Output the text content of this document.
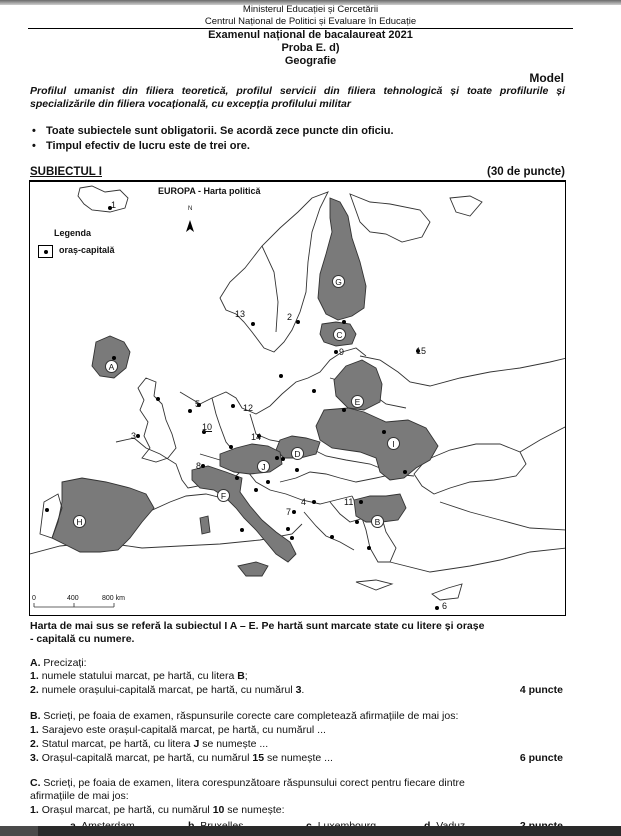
Ministerul Educației și Cercetării
Centrul Național de Politici și Evaluare în Educație
Examenul național de bacalaureat 2021
Proba E. d)
Geografie
Model
Profilul umanist din filiera teoretică, profilul servicii din filiera tehnologică și toate profilurile și specializările din filiera vocațională, cu excepția profilului militar
• Toate subiectele sunt obligatorii. Se acordă zece puncte din oficiu.
• Timpul efectiv de lucru este de trei ore.
SUBIECTUL I	(30 de puncte)
EUROPA - Harta politică
N
Legenda
oraș-capitală
A
B
C
D
E
F
G
H
I
J
1
2
3
4
5
6
7
8
9
10
11
12
13
14
15
0	400	800 km
Harta de mai sus se referă la subiectul I A – E. Pe hartă sunt marcate state cu litere și orașe
- capitală cu numere.
A. Precizați:
1. numele statului marcat, pe hartă, cu litera B;
2. numele orașului-capitală marcat, pe hartă, cu numărul 3.	4 puncte
B. Scrieți, pe foaia de examen, răspunsurile corecte care completează afirmațiile de mai jos:
1. Sarajevo este orașul-capitală marcat, pe hartă, cu numărul ...
2. Statul marcat, pe hartă, cu litera J se numește ...
3. Orașul-capitală marcat, pe hartă, cu numărul 15 se numește ...	6 puncte
C. Scrieți, pe foaia de examen, litera corespunzătoare răspunsului corect pentru fiecare dintre
afirmațiile de mai jos:
1. Orașul marcat, pe hartă, cu numărul 10 se numește:
